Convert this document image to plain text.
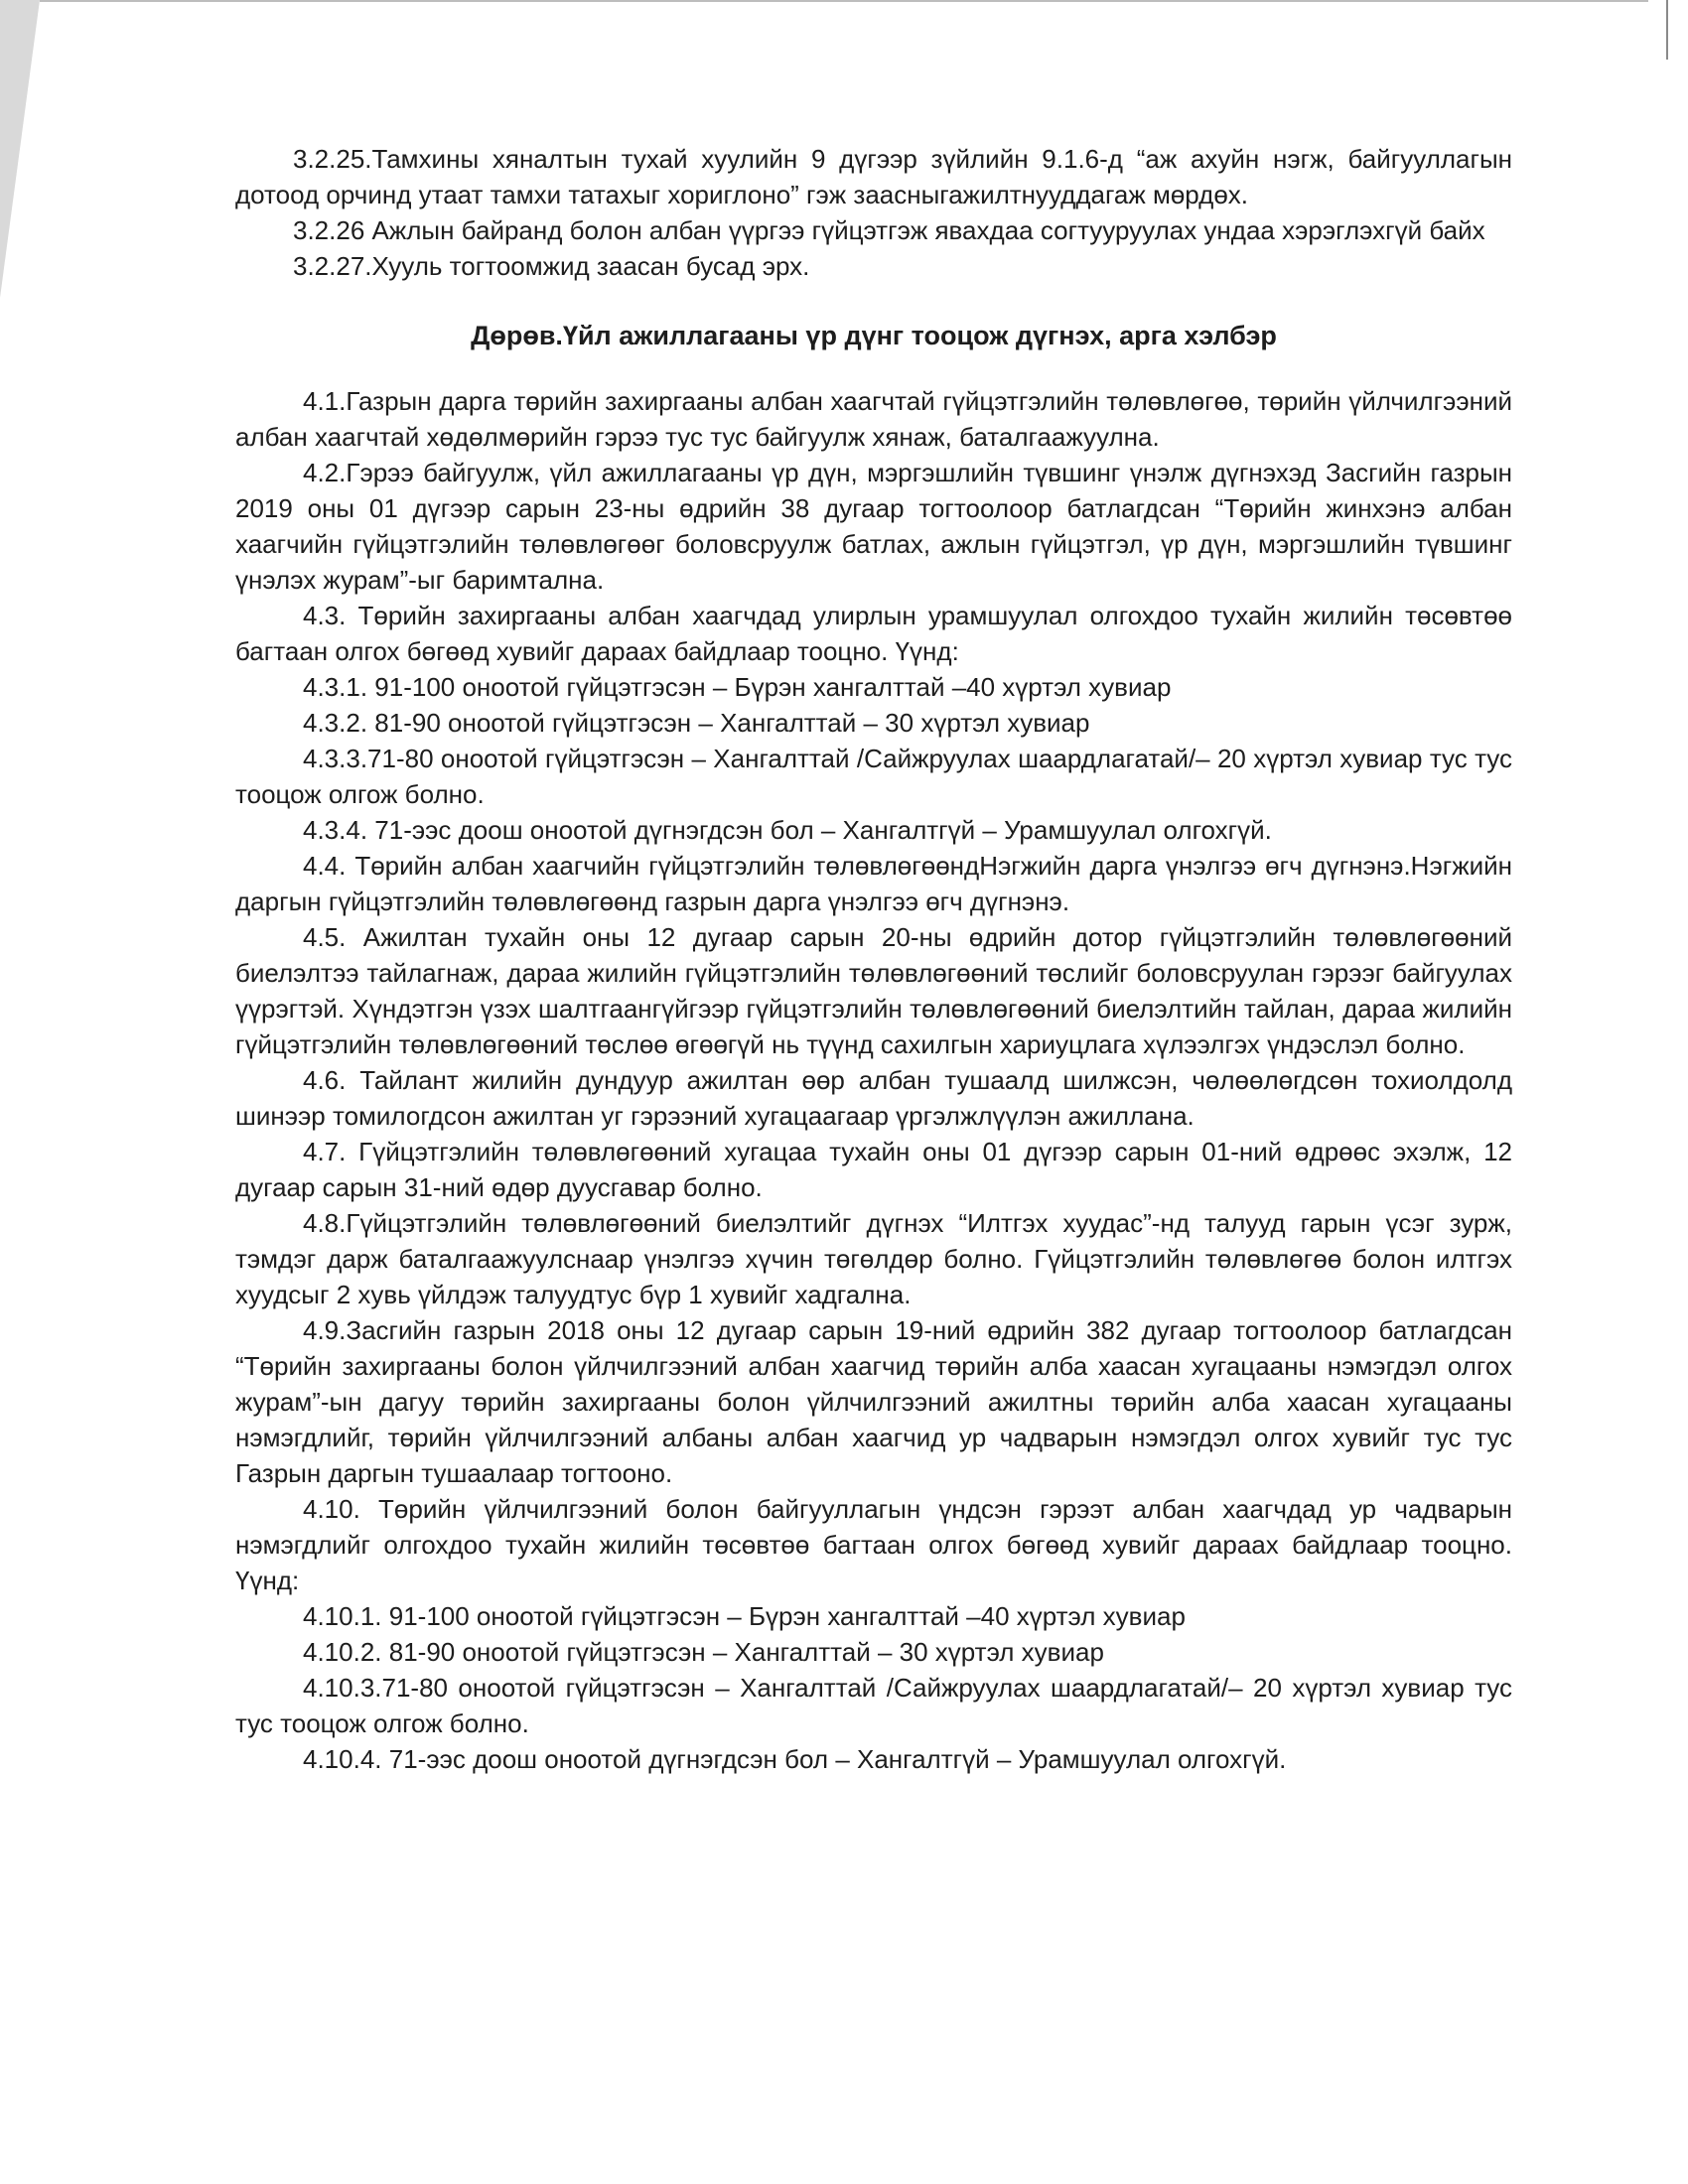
3.2.25.Тамхины хяналтын тухай хуулийн 9 дүгээр зүйлийн 9.1.6-д “аж ахуйн нэгж, байгууллагын дотоод орчинд утаат тамхи татахыг хориглоно” гэж заасныгажилтнууддагаж мөрдөх.

3.2.26 Ажлын байранд болон албан үүргээ гүйцэтгэж явахдаа согтууруулах ундаа хэрэглэхгүй байх

3.2.27.Хууль тогтоомжид заасан бусад эрх.

Дөрөв.Үйл ажиллагааны үр дүнг тооцож дүгнэх, арга хэлбэр

4.1.Газрын дарга төрийн захиргааны албан хаагчтай гүйцэтгэлийн төлөвлөгөө, төрийн үйлчилгээний албан хаагчтай хөдөлмөрийн гэрээ тус тус байгуулж хянаж, баталгаажуулна.

4.2.Гэрээ байгуулж, үйл ажиллагааны үр дүн, мэргэшлийн түвшинг үнэлж дүгнэхэд Засгийн газрын 2019 оны 01 дүгээр сарын 23-ны өдрийн 38 дугаар тогтоолоор батлагдсан “Төрийн жинхэнэ албан хаагчийн гүйцэтгэлийн төлөвлөгөөг боловсруулж батлах, ажлын гүйцэтгэл, үр дүн, мэргэшлийн түвшинг үнэлэх журам”-ыг баримтална.

4.3. Төрийн захиргааны албан хаагчдад улирлын урамшуулал олгохдоо тухайн жилийн төсөвтөө багтаан олгох бөгөөд хувийг дараах байдлаар тооцно. Үүнд:

4.3.1. 91-100 оноотой гүйцэтгэсэн – Бүрэн хангалттай –40 хүртэл хувиар

4.3.2. 81-90 оноотой гүйцэтгэсэн – Хангалттай – 30 хүртэл хувиар

4.3.3.71-80 оноотой гүйцэтгэсэн – Хангалттай /Сайжруулах шаардлагатай/– 20 хүртэл хувиар тус тус тооцож олгож болно.

4.3.4. 71-ээс доош оноотой дүгнэгдсэн бол – Хангалтгүй – Урамшуулал олгохгүй.

4.4. Төрийн албан хаагчийн гүйцэтгэлийн төлөвлөгөөндНэгжийн дарга үнэлгээ өгч дүгнэнэ.Нэгжийн даргын гүйцэтгэлийн төлөвлөгөөнд газрын дарга үнэлгээ өгч дүгнэнэ.

4.5. Ажилтан тухайн оны 12 дугаар сарын 20-ны өдрийн дотор гүйцэтгэлийн төлөвлөгөөний биелэлтээ тайлагнаж, дараа жилийн гүйцэтгэлийн төлөвлөгөөний төслийг боловсруулан гэрээг байгуулах үүрэгтэй. Хүндэтгэн үзэх шалтгаангүйгээр гүйцэтгэлийн төлөвлөгөөний биелэлтийн тайлан, дараа жилийн гүйцэтгэлийн төлөвлөгөөний төслөө өгөөгүй нь түүнд сахилгын хариуцлага хүлээлгэх үндэслэл болно.

4.6. Тайлант жилийн дундуур ажилтан өөр албан тушаалд шилжсэн, чөлөөлөгдсөн тохиолдолд шинээр томилогдсон ажилтан уг гэрээний хугацаагаар үргэлжлүүлэн ажиллана.

4.7. Гүйцэтгэлийн төлөвлөгөөний хугацаа тухайн оны 01 дүгээр сарын 01-ний өдрөөс эхэлж, 12 дугаар сарын 31-ний өдөр дуусгавар болно.

4.8.Гүйцэтгэлийн төлөвлөгөөний биелэлтийг дүгнэх “Илтгэх хуудас”-нд талууд гарын үсэг зурж, тэмдэг дарж баталгаажуулснаар үнэлгээ хүчин төгөлдөр болно. Гүйцэтгэлийн төлөвлөгөө болон илтгэх хуудсыг 2 хувь үйлдэж талуудтус бүр 1 хувийг хадгална.

4.9.Засгийн газрын 2018 оны 12 дугаар сарын 19-ний өдрийн 382 дугаар тогтоолоор батлагдсан “Төрийн захиргааны болон үйлчилгээний албан хаагчид төрийн алба хаасан хугацааны нэмэгдэл олгох журам”-ын дагуу төрийн захиргааны болон үйлчилгээний ажилтны төрийн алба хаасан хугацааны нэмэгдлийг, төрийн үйлчилгээний албаны албан хаагчид ур чадварын нэмэгдэл олгох хувийг тус тус Газрын даргын тушаалаар тогтооно.

4.10. Төрийн үйлчилгээний болон байгууллагын үндсэн гэрээт албан хаагчдад ур чадварын нэмэгдлийг олгохдоо тухайн жилийн төсөвтөө багтаан олгох бөгөөд хувийг дараах байдлаар тооцно. Үүнд:

4.10.1. 91-100 оноотой гүйцэтгэсэн – Бүрэн хангалттай –40 хүртэл хувиар

4.10.2. 81-90 оноотой гүйцэтгэсэн – Хангалттай – 30 хүртэл хувиар

4.10.3.71-80 оноотой гүйцэтгэсэн – Хангалттай /Сайжруулах шаардлагатай/– 20 хүртэл хувиар тус тус тооцож олгож болно.

4.10.4. 71-ээс доош оноотой дүгнэгдсэн бол – Хангалтгүй – Урамшуулал олгохгүй.
